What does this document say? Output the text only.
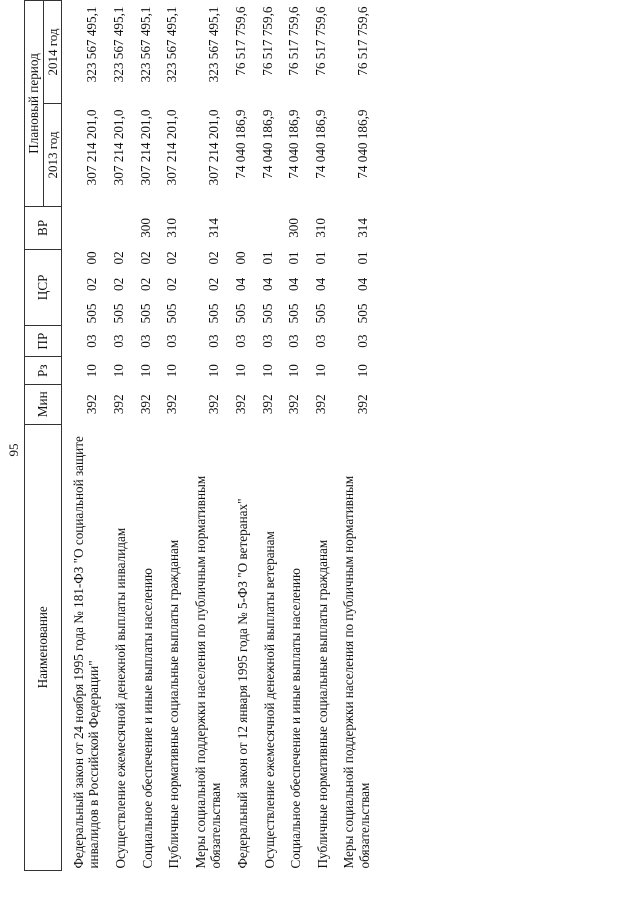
95
Наименование	Мин	Рз	ПР	ЦСР	ВР	Плановый период	
						2013 год	2014 год
Федеральный закон от 24 ноября 1995 года № 181-ФЗ "О социальной защите инвалидов в Российской Федерации"	392	10	03	5050200		307 214 201,0	323 567 495,1
Осуществление ежемесячной денежной выплаты инвалидам	392	10	03	5050202		307 214 201,0	323 567 495,1
Социальное обеспечение и иные выплаты населению	392	10	03	5050202	300	307 214 201,0	323 567 495,1
Публичные нормативные социальные выплаты гражданам	392	10	03	5050202	310	307 214 201,0	323 567 495,1
Меры социальной поддержки населения по публичным нормативным обязательствам	392	10	03	5050202	314	307 214 201,0	323 567 495,1
Федеральный закон от 12 января 1995 года № 5-ФЗ "О ветеранах"	392	10	03	5050400		74 040 186,9	76 517 759,6
Осуществление ежемесячной денежной выплаты ветеранам	392	10	03	5050401		74 040 186,9	76 517 759,6
Социальное обеспечение и иные выплаты населению	392	10	03	5050401	300	74 040 186,9	76 517 759,6
Публичные нормативные социальные выплаты гражданам	392	10	03	5050401	310	74 040 186,9	76 517 759,6
Меры социальной поддержки населения по публичным нормативным обязательствам	392	10	03	5050401	314	74 040 186,9	76 517 759,6
